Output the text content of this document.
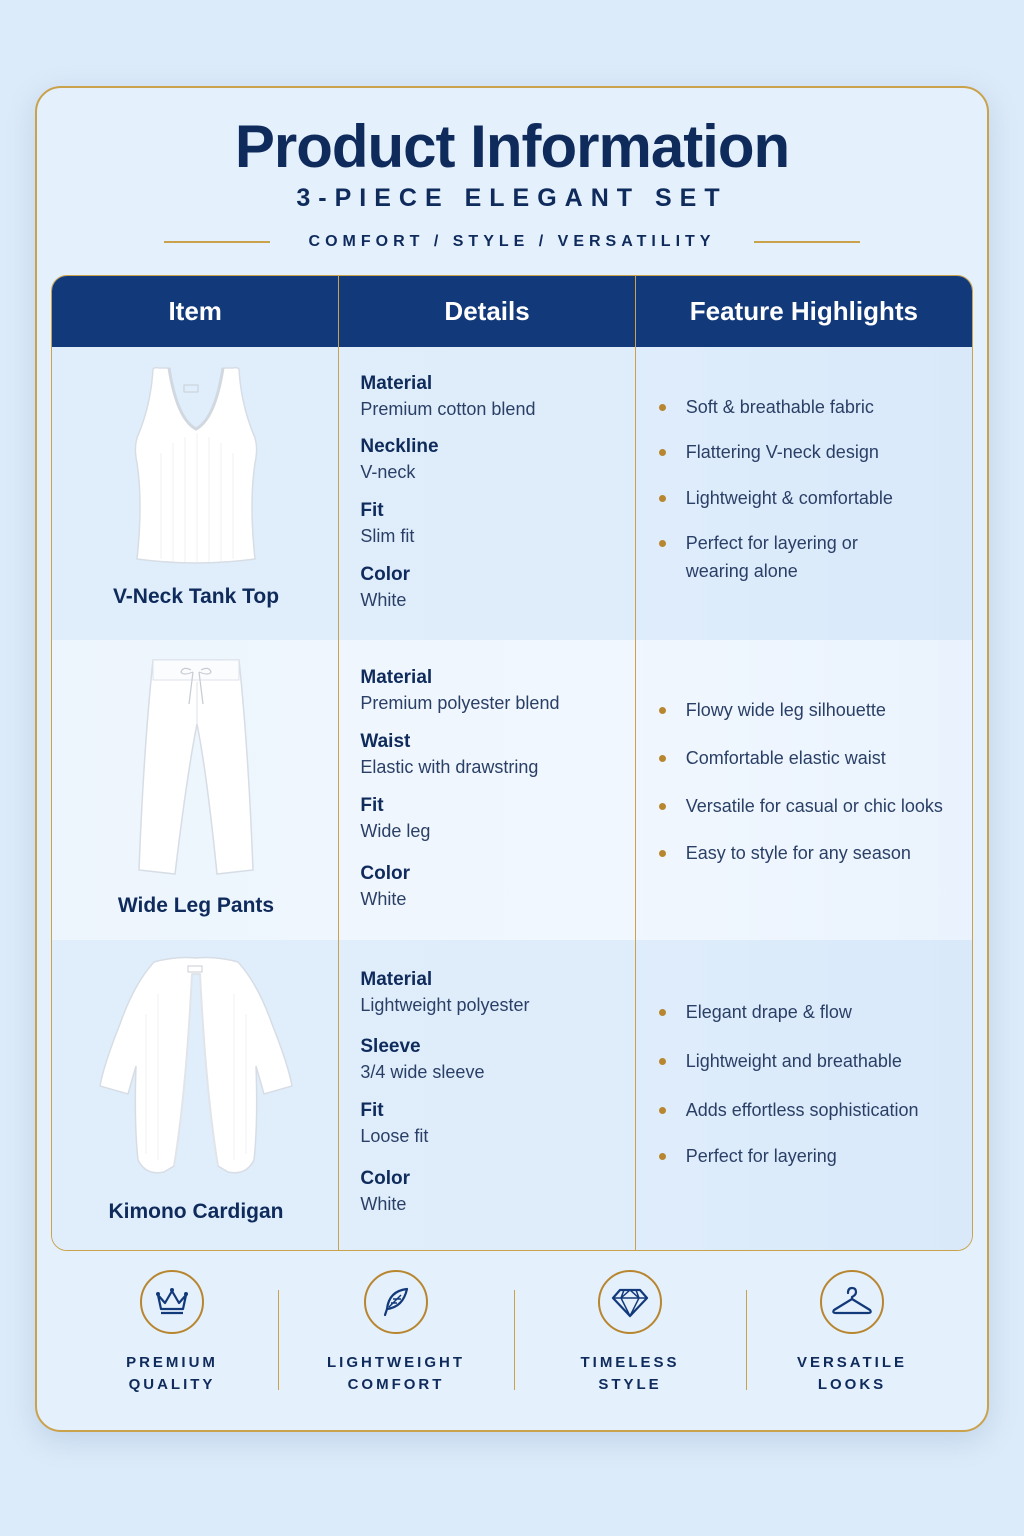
Product Information
3-PIECE ELEGANT SET
COMFORT / STYLE / VERSATILITY
Item	Details	Feature Highlights
V-Neck Tank Top
Material
Premium cotton blend
Neckline
V-neck
Fit
Slim fit
Color
White
Soft & breathable fabric
Flattering V-neck design
Lightweight & comfortable
Perfect for layering or wearing alone
Wide Leg Pants
Material
Premium polyester blend
Waist
Elastic with drawstring
Fit
Wide leg
Color
White
Flowy wide leg silhouette
Comfortable elastic waist
Versatile for casual or chic looks
Easy to style for any season
Kimono Cardigan
Material
Lightweight polyester
Sleeve
3/4 wide sleeve
Fit
Loose fit
Color
White
Elegant drape & flow
Lightweight and breathable
Adds effortless sophistication
Perfect for layering
PREMIUM
QUALITY
LIGHTWEIGHT
COMFORT
TIMELESS
STYLE
VERSATILE
LOOKS
